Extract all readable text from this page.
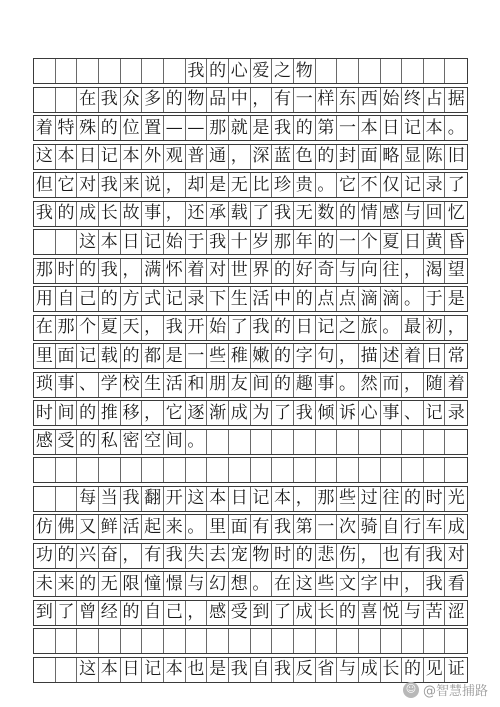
我 的 心 爱 之 物
在 我 众 多 的 物 品 中 ， 有 一 样 东 西 始 终 占 据
着 特 殊 的 位 置 — — 那 就 是 我 的 第 一 本 日 记 本 。
这 本 日 记 本 外 观 普 通 ， 深 蓝 色 的 封 面 略 显 陈 旧
但 它 对 我 来 说 ， 却 是 无 比 珍 贵 。 它 不 仅 记 录 了
我 的 成 长 故 事 ， 还 承 载 了 我 无 数 的 情 感 与 回 忆
这 本 日 记 始 于 我 十 岁 那 年 的 一 个 夏 日 黄 昏
那 时 的 我 ， 满 怀 着 对 世 界 的 好 奇 与 向 往 ， 渴 望
用 自 己 的 方 式 记 录 下 生 活 中 的 点 点 滴 滴 。 于 是
在 那 个 夏 天 ， 我 开 始 了 我 的 日 记 之 旅 。 最 初 ，
里 面 记 载 的 都 是 一 些 稚 嫩 的 字 句 ， 描 述 着 日 常
琐 事 、 学 校 生 活 和 朋 友 间 的 趣 事 。 然 而 ， 随 着
时 间 的 推 移 ， 它 逐 渐 成 为 了 我 倾 诉 心 事 、 记 录
感 受 的 私 密 空 间 。
每 当 我 翻 开 这 本 日 记 本 ， 那 些 过 往 的 时 光
仿 佛 又 鲜 活 起 来 。 里 面 有 我 第 一 次 骑 自 行 车 成
功 的 兴 奋 ， 有 我 失 去 宠 物 时 的 悲 伤 ， 也 有 我 对
未 来 的 无 限 憧 憬 与 幻 想 。 在 这 些 文 字 中 ， 我 看
到 了 曾 经 的 自 己 ， 感 受 到 了 成 长 的 喜 悦 与 苦 涩
这 本 日 记 本 也 是 我 自 我 反 省 与 成 长 的 见 证
☺ @智慧捕路
